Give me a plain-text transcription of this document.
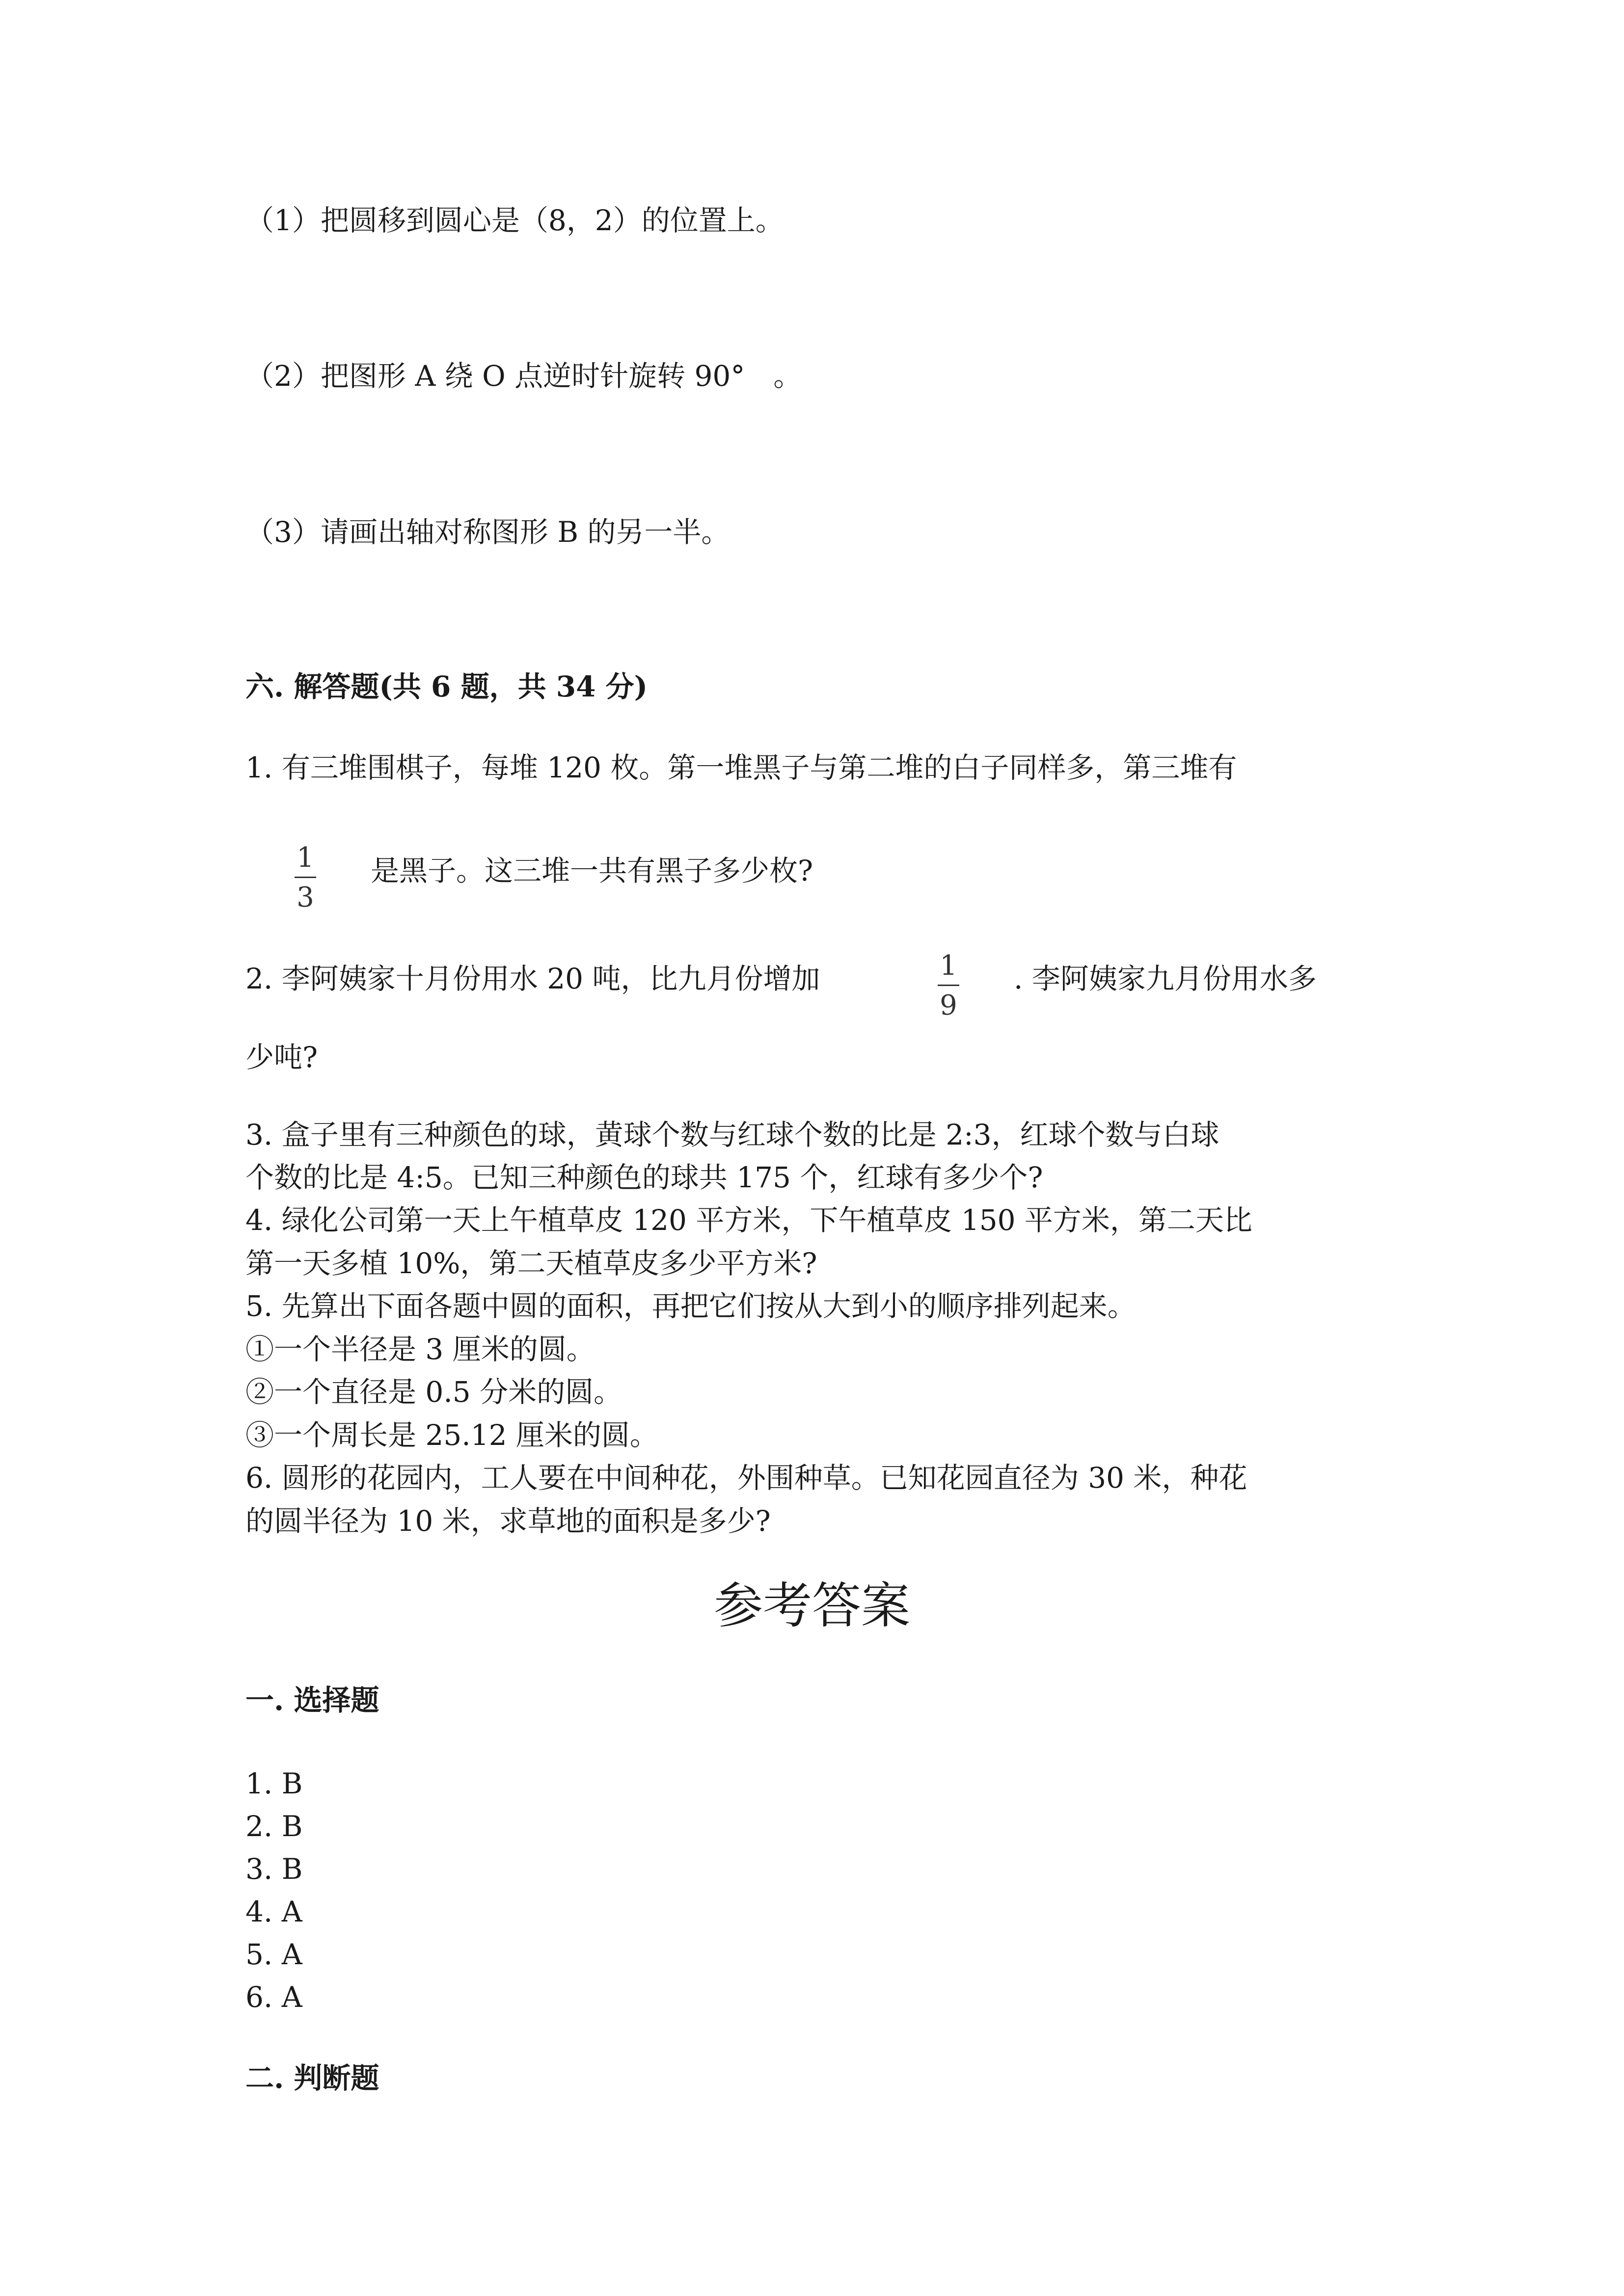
（1）把圆移到圆心是（8，2）的位置上。
（2）把图形 A 绕 O 点逆时针旋转 90°　。
（3）请画出轴对称图形 B 的另一半。
六. 解答题(共 6 题，共 34 分)
1. 有三堆围棋子，每堆 120 枚。第一堆黑子与第二堆的白子同样多，第三堆有
1
3
是黑子。这三堆一共有黑子多少枚?
2. 李阿姨家十月份用水 20 吨，比九月份增加	1
9
. 李阿姨家九月份用水多
少吨?
3. 盒子里有三种颜色的球，黄球个数与红球个数的比是 2:3，红球个数与白球
个数的比是 4:5。已知三种颜色的球共 175 个，红球有多少个?
4. 绿化公司第一天上午植草皮 120 平方米，下午植草皮 150 平方米，第二天比
第一天多植 10%，第二天植草皮多少平方米?
5. 先算出下面各题中圆的面积，再把它们按从大到小的顺序排列起来。
①一个半径是 3 厘米的圆。
②一个直径是 0.5 分米的圆。
③一个周长是 25.12 厘米的圆。
6. 圆形的花园内，工人要在中间种花，外围种草。已知花园直径为 30 米，种花
的圆半径为 10 米，求草地的面积是多少?
参考答案
一. 选择题
1. B
2. B
3. B
4. A
5. A
6. A
二. 判断题
